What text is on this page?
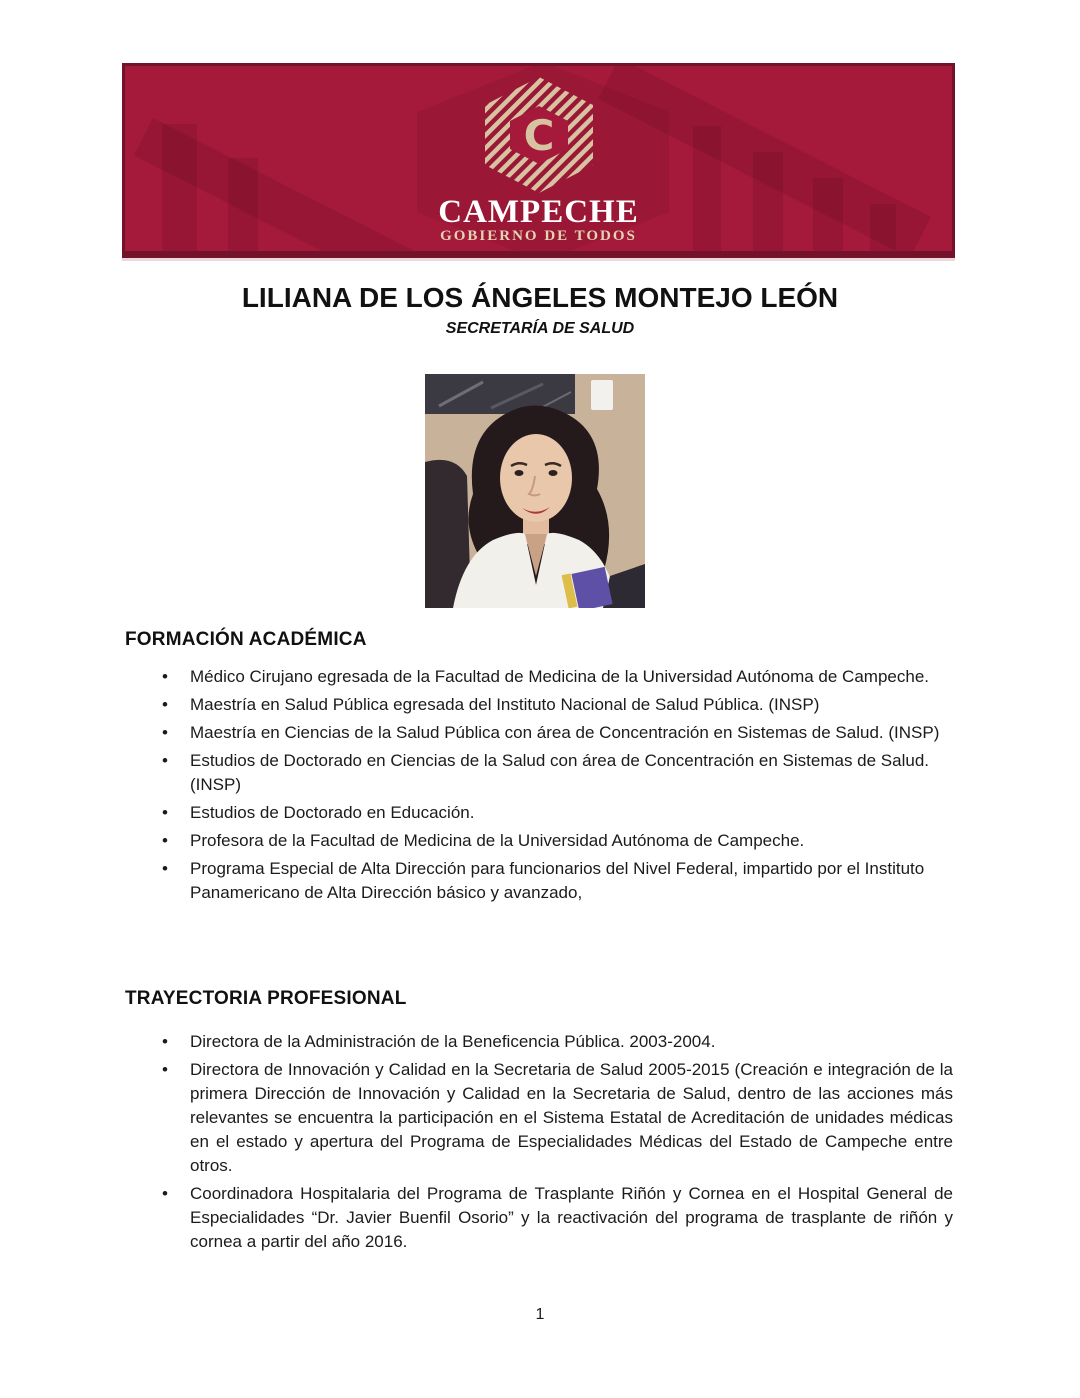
C
CAMPECHE
GOBIERNO DE TODOS
LILIANA DE LOS ÁNGELES MONTEJO LEÓN
SECRETARÍA DE SALUD
FORMACIÓN ACADÉMICA
• Médico Cirujano egresada de la Facultad de Medicina de la Universidad Autónoma de Campeche.
• Maestría en Salud Pública egresada del Instituto Nacional de Salud Pública. (INSP)
• Maestría en Ciencias de la Salud Pública con área de Concentración en Sistemas de Salud. (INSP)
• Estudios de Doctorado en Ciencias de la Salud con área de Concentración en Sistemas de Salud. (INSP)
• Estudios de Doctorado en Educación.
• Profesora de la Facultad de Medicina de la Universidad Autónoma de Campeche.
• Programa Especial de Alta Dirección para funcionarios del Nivel Federal, impartido por el Instituto Panamericano de Alta Dirección básico y avanzado,
TRAYECTORIA PROFESIONAL
• Directora de la Administración de la Beneficencia Pública. 2003-2004.
• Directora de Innovación y Calidad en la Secretaria de Salud 2005-2015 (Creación e integración de la primera Dirección de Innovación y Calidad en la Secretaria de Salud, dentro de las acciones más relevantes se encuentra la participación en el Sistema Estatal de Acreditación de unidades médicas en el estado y apertura del Programa de Especialidades Médicas del Estado de Campeche entre otros.
• Coordinadora Hospitalaria del Programa de Trasplante Riñón y Cornea en el Hospital General de Especialidades “Dr. Javier Buenfil Osorio” y la reactivación del programa de trasplante de riñón y cornea a partir del año 2016.
1
